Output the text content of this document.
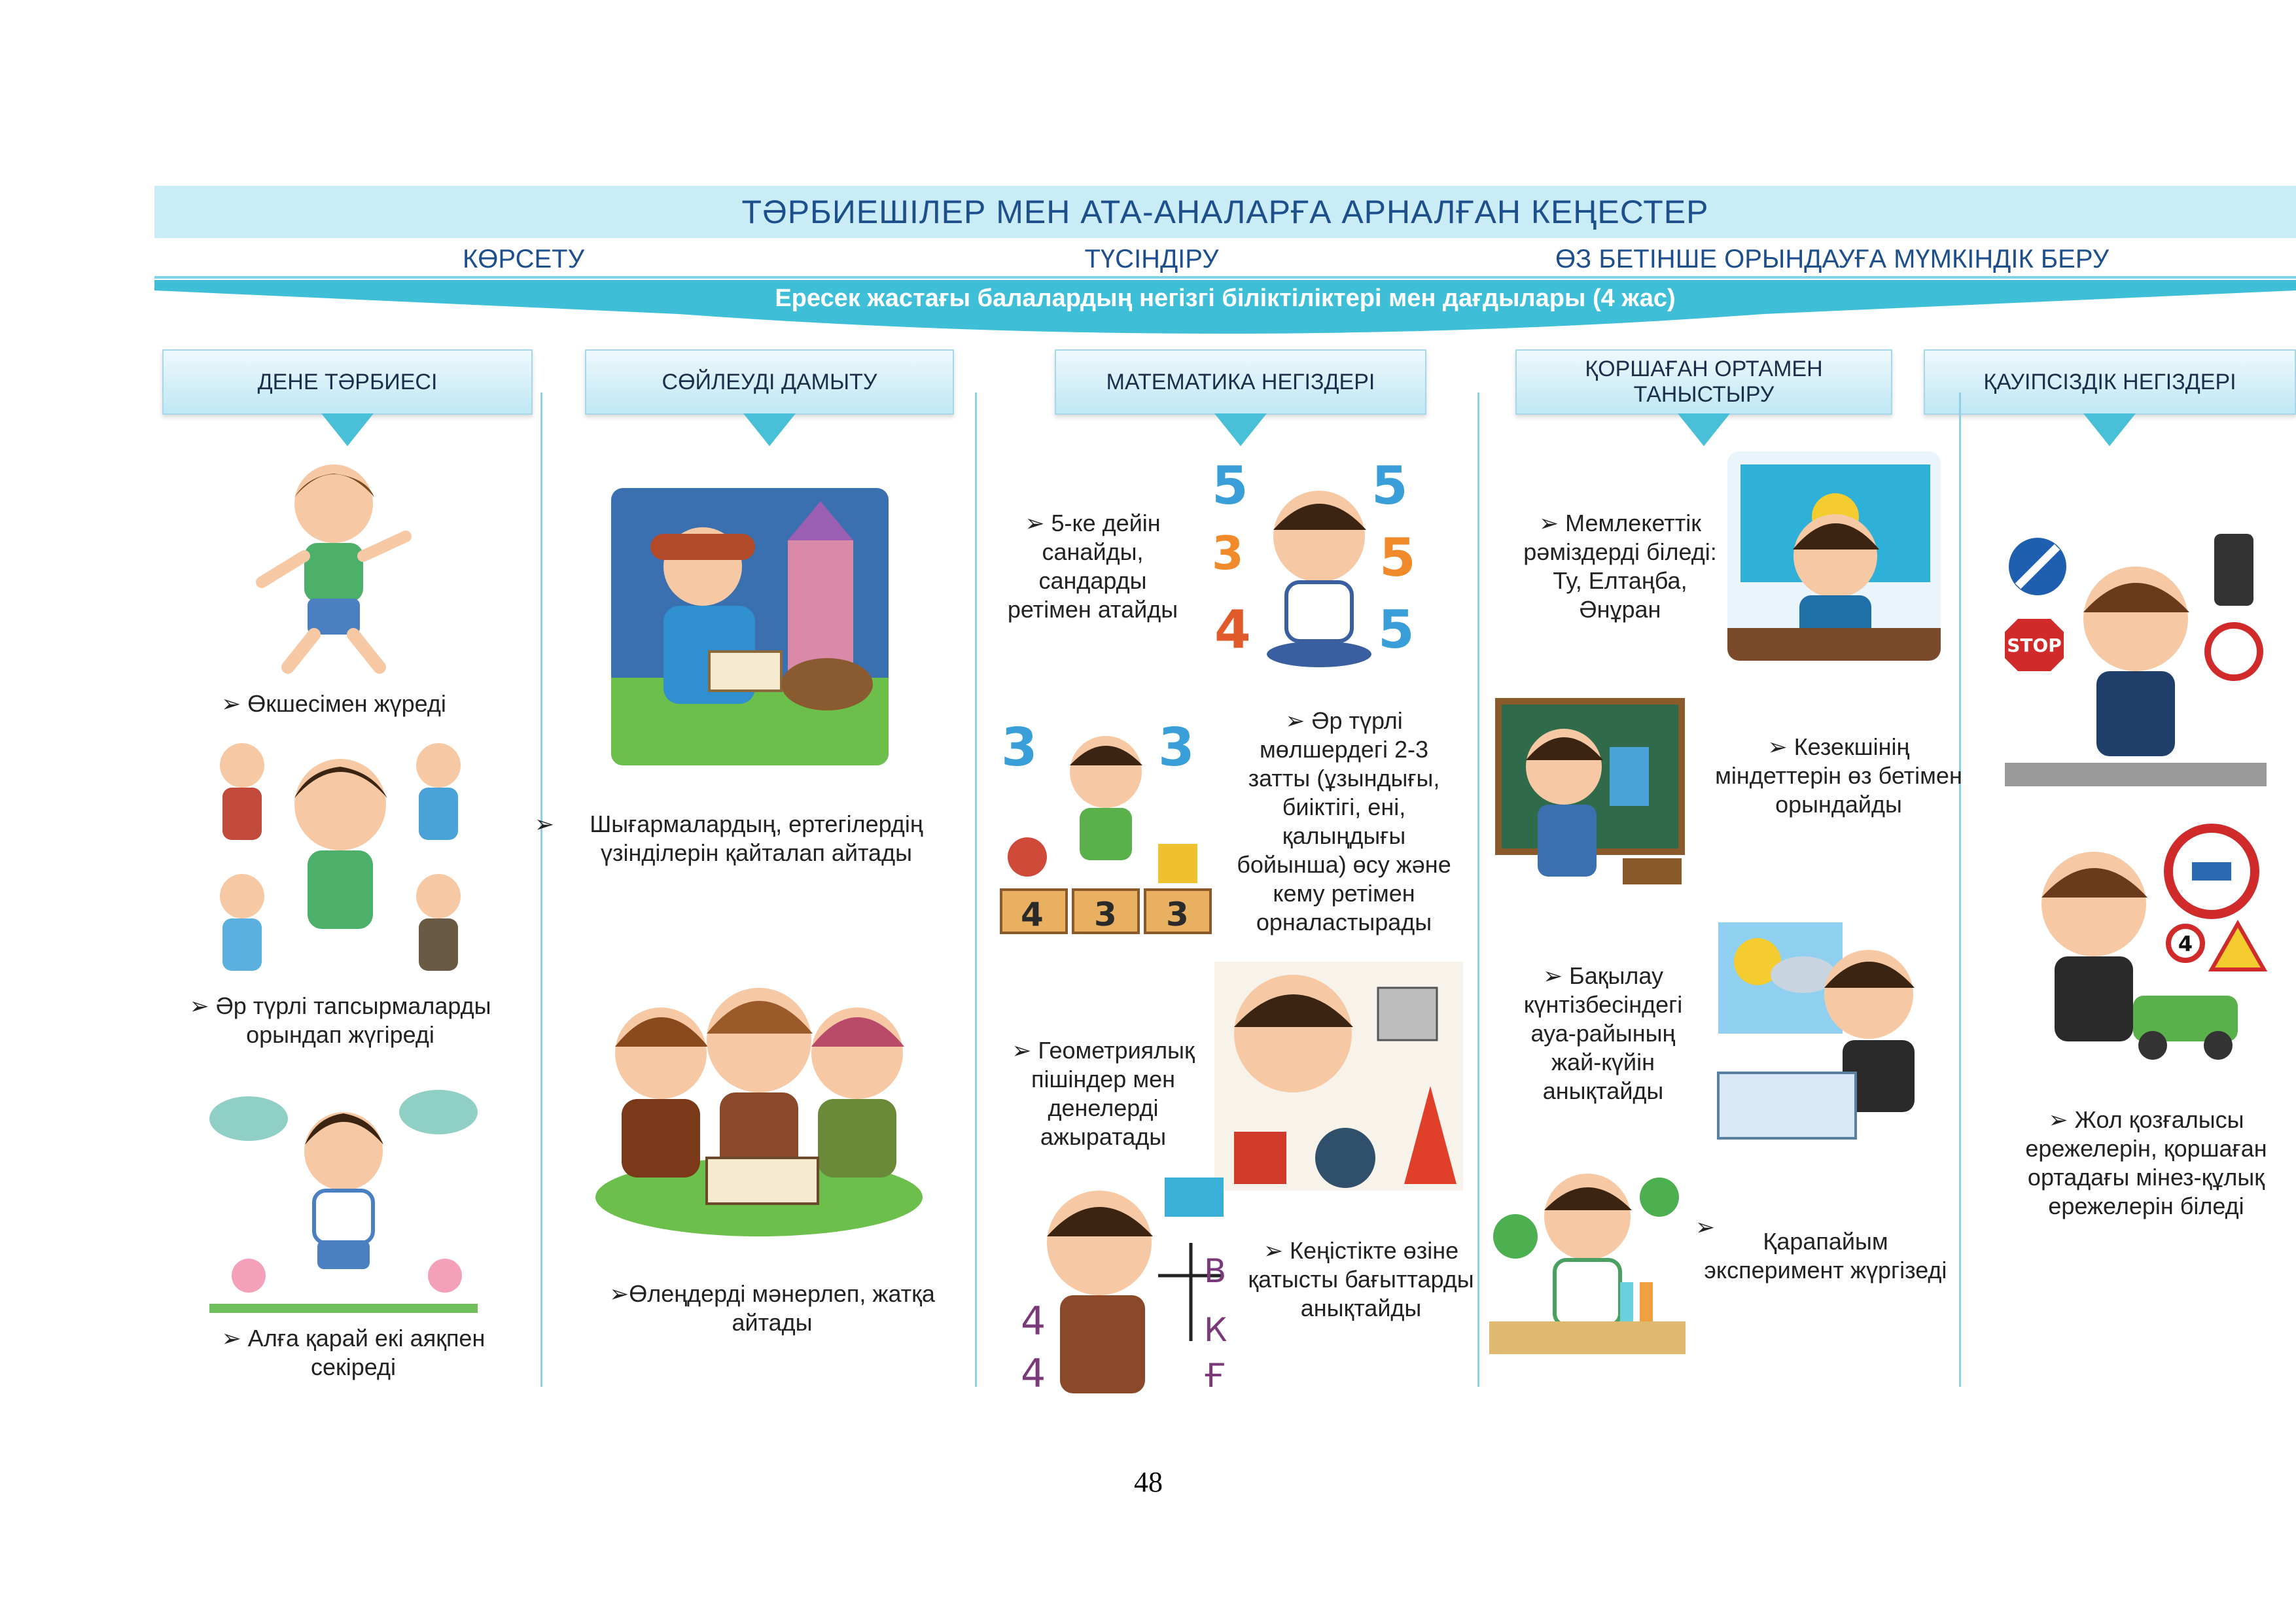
ТӘРБИЕШІЛЕР МЕН АТА-АНАЛАРҒА АРНАЛҒАН КЕҢЕСТЕР
КӨРСЕТУ	ТҮСІНДІРУ	ӨЗ БЕТІНШЕ ОРЫНДАУҒА МҮМКІНДІК БЕРУ
Ересек жастағы балалардың негізгі біліктіліктері мен дағдылары (4 жас)
ДЕНЕ ТӘРБИЕСІ	СӨЙЛЕУДІ ДАМЫТУ	МАТЕМАТИКА НЕГІЗДЕРІ
ҚОРШАҒАН ОРТАМЕН ТАНЫСТЫРУ
ҚАУІПСІЗДІК НЕГІЗДЕРІ
➢ Өкшесімен жүреді
➢ Әр түрлі тапсырмаларды орындап жүгіреді
➢ Алға қарай екі аяқпен секіреді
➢	Шығармалардың, ертегілердің үзінділерін қайталап айтады
➢Өлеңдерді мәнерлеп, жатқа айтады
➢ 5-ке дейін санайды, сандарды ретімен атайды
5 5
3	5
4 5
3 3
4 3 3
➢ Әр түрлі мөлшердегі 2-3 затты (ұзындығы, биіктігі, ені, қалыңдығы бойынша) өсу және кему ретімен орналастырады
➢ Геометриялық пішіндер мен денелерді ажыратады
В
К
Ғ
4
4
➢ Кеңістікте өзіне қатысты бағыттарды анықтайды
➢ Мемлекеттік рәміздерді біледі: Ту, Елтаңба, Әнұран
➢ Кезекшінің міндеттерін өз бетімен орындайды
➢ Бақылау күнтізбесіндегі ауа-райының жай-күйін анықтайды
➢
Қарапайым эксперимент жүргізеді
STOP
4
➢ Жол қозғалысы ережелерін, қоршаған ортадағы мінез-құлық ережелерін біледі
48
